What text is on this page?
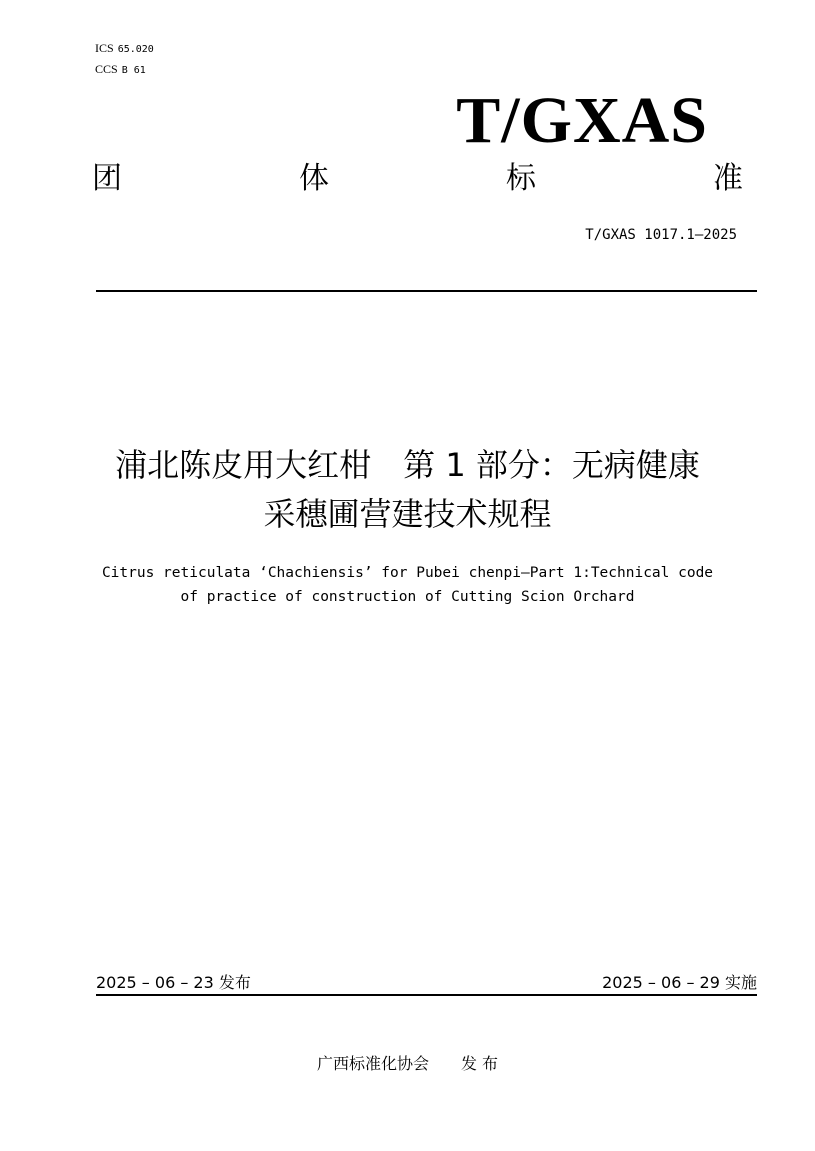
ICS 65.020
CCS B 61
T/GXAS
团	体	标	准
T/GXAS 1017.1—2025
浦北陈皮用大红柑　第 1 部分：无病健康
采穗圃营建技术规程
Citrus reticulata ‘Chachiensis’ for Pubei chenpi—Part 1:Technical code
of practice of construction of Cutting Scion Orchard
2025 – 06 – 23 发布	2025 – 06 – 29 实施
广西标准化协会　　发 布
